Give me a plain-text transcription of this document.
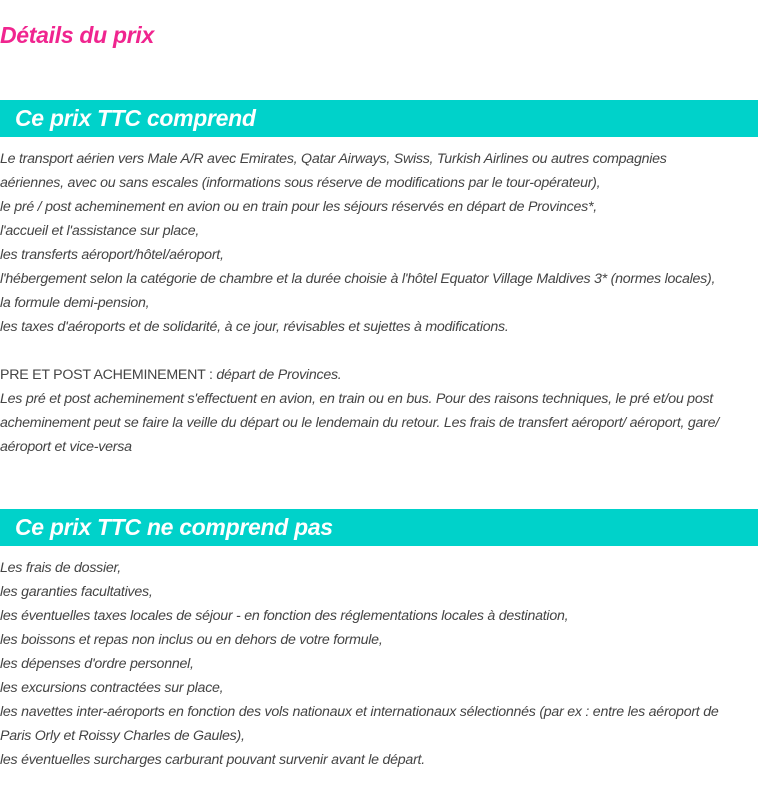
Détails du prix
Ce prix TTC comprend

Le transport aérien vers Male A/R avec Emirates, Qatar Airways, Swiss, Turkish Airlines ou autres compagnies

aériennes, avec ou sans escales (informations sous réserve de modifications par le tour-opérateur),

le pré / post acheminement en avion ou en train pour les séjours réservés en départ de Provinces*,

l'accueil et l'assistance sur place,

les transferts aéroport/hôtel/aéroport,

l'hébergement selon la catégorie de chambre et la durée choisie à l'hôtel Equator Village Maldives 3* (normes locales),

la formule demi-pension,

les taxes d'aéroports et de solidarité, à ce jour, révisables et sujettes à modifications.

PRE ET POST ACHEMINEMENT : départ de Provinces.

Les pré et post acheminement s'effectuent en avion, en train ou en bus. Pour des raisons techniques, le pré et/ou post

acheminement peut se faire la veille du départ ou le lendemain du retour. Les frais de transfert aéroport/ aéroport, gare/

aéroport et vice-versa

Ce prix TTC ne comprend pas

Les frais de dossier,

les garanties facultatives,

les éventuelles taxes locales de séjour - en fonction des réglementations locales à destination,

les boissons et repas non inclus ou en dehors de votre formule,

les dépenses d'ordre personnel,

les excursions contractées sur place,

les navettes inter-aéroports en fonction des vols nationaux et internationaux sélectionnés (par ex : entre les aéroport de

Paris Orly et Roissy Charles de Gaules),

les éventuelles surcharges carburant pouvant survenir avant le départ.
